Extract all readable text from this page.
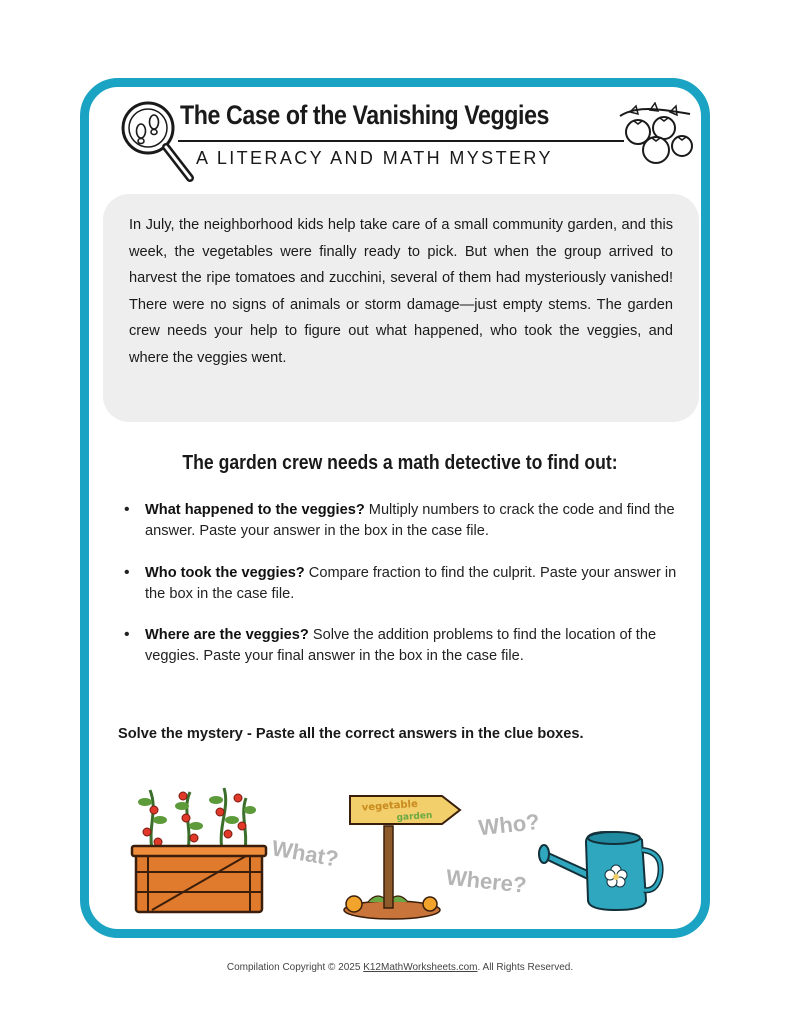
The Case of the Vanishing Veggies
A LITERACY AND MATH MYSTERY

In July, the neighborhood kids help take care of a small community garden, and this week, the vegetables were finally ready to pick. But when the group arrived to harvest the ripe tomatoes and zucchini, several of them had mysteriously vanished! There were no signs of animals or storm damage—just empty stems. The garden crew needs your help to figure out what happened, who took the veggies, and where the veggies went.

The garden crew needs a math detective to find out:
• What happened to the veggies? Multiply numbers to crack the code and find the answer. Paste your answer in the box in the case file.
• Who took the veggies? Compare fraction to find the culprit. Paste your answer in the box in the case file.
• Where are the veggies? Solve the addition problems to find the location of the veggies. Paste your final answer in the box in the case file.
Solve the mystery - Paste all the correct answers in the clue boxes.
What?
vegetable
garden Who?
Where?
Compilation Copyright © 2025 K12MathWorksheets.com. All Rights Reserved.
